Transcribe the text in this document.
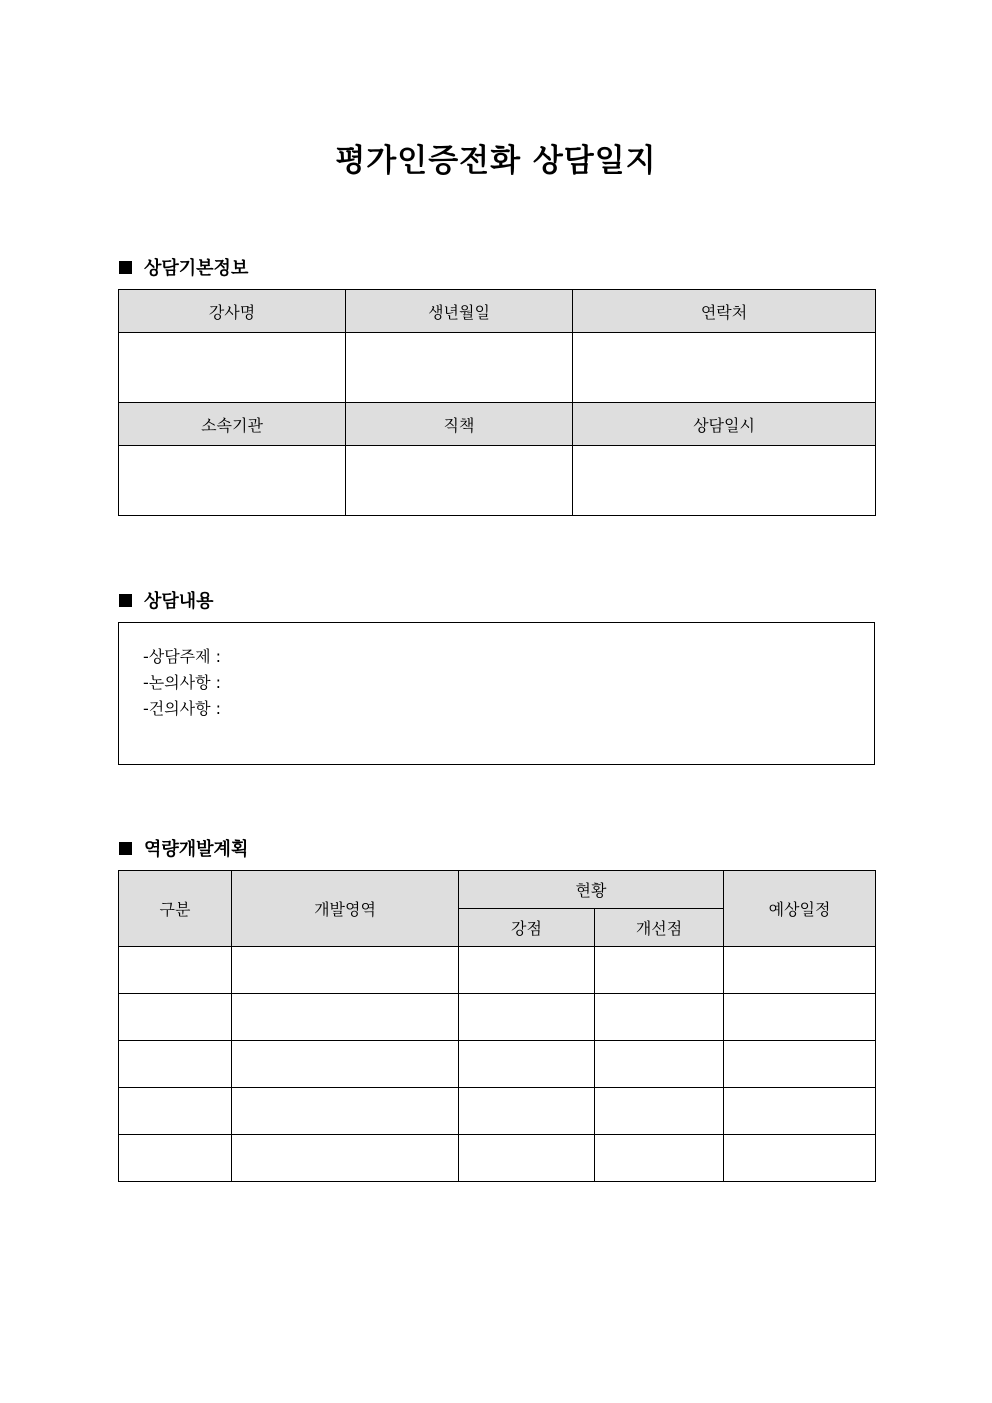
평가인증전화 상담일지
상담기본정보
강사명	생년월일	연락처

소속기관	직책	상담일시

상담내용
-상담주제 :
-논의사항 :
-건의사항 :
역량개발계획
구분	개발영역	현황		예상일정
		강점	개선점	
